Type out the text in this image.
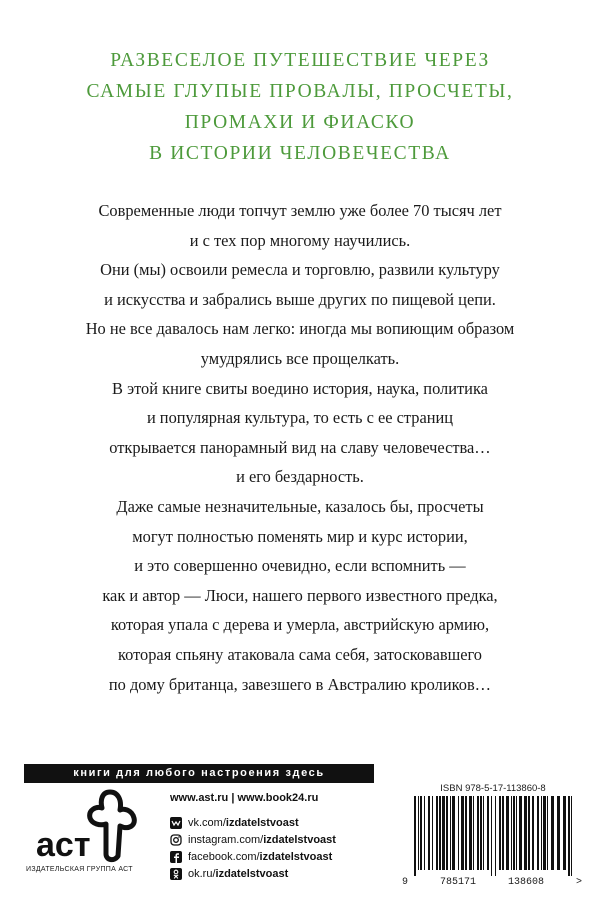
РАЗВЕСЕЛОЕ ПУТЕШЕСТВИЕ ЧЕРЕЗ
САМЫЕ ГЛУПЫЕ ПРОВАЛЫ, ПРОСЧЕТЫ,
ПРОМАХИ И ФИАСКО
В ИСТОРИИ ЧЕЛОВЕЧЕСТВА
Современные люди топчут землю уже более 70 тысяч лет
и с тех пор многому научились.
Они (мы) освоили ремесла и торговлю, развили культуру
и искусства и забрались выше других по пищевой цепи.
Но не все давалось нам легко: иногда мы вопиющим образом
умудрялись все прощелкать.
В этой книге свиты воедино история, наука, политика
и популярная культура, то есть с ее страниц
открывается панорамный вид на славу человечества…
и его бездарность.
Даже самые незначительные, казалось бы, просчеты
могут полностью поменять мир и курс истории,
и это совершенно очевидно, если вспомнить —
как и автор — Люси, нашего первого известного предка,
которая упала с дерева и умерла, австрийскую армию,
которая спьяну атаковала сама себя, затосковавшего
по дому британца, завезшего в Австралию кроликов…
книги для любого настроения здесь
аст
ИЗДАТЕЛЬСКАЯ ГРУППА АСТ
www.ast.ru | www.book24.ru
vk.com/ izdatelstvoast
instagram.com/ izdatelstvoast
facebook.com/ izdatelstvoast
ok.ru/ izdatelstvoast
ISBN 978-5-17-113860-8
9	785171	138608	>
